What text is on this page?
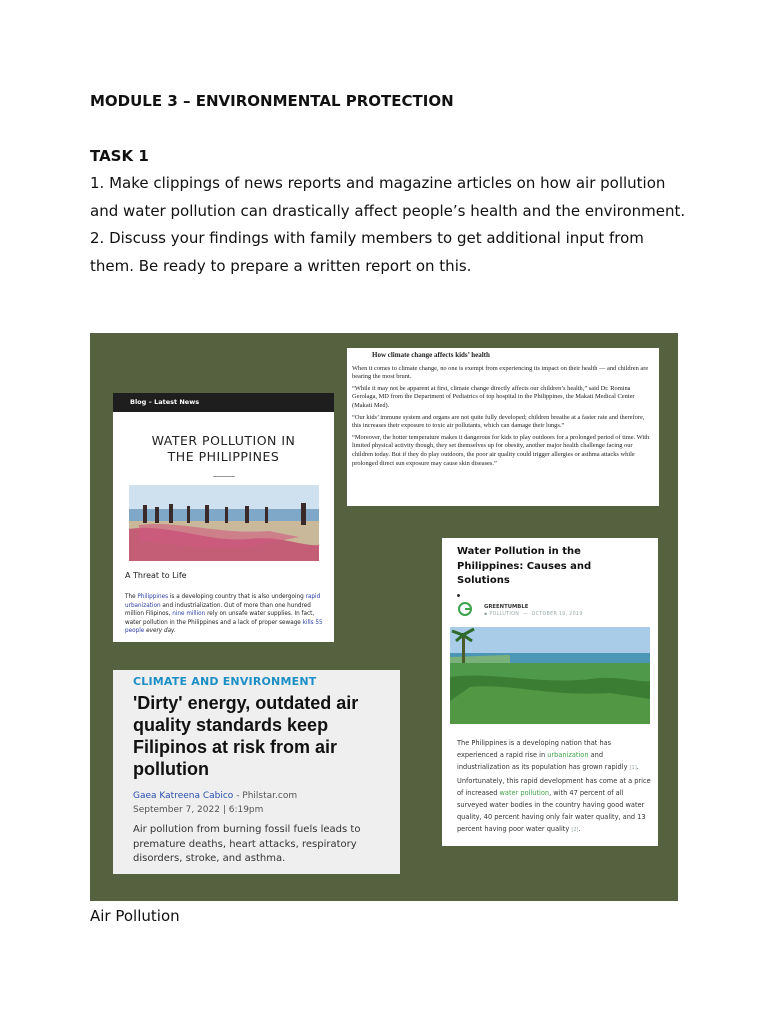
MODULE 3 – ENVIRONMENTAL PROTECTION
TASK 1
1. Make clippings of news reports and magazine articles on how air pollution and water pollution can drastically affect people’s health and the environment.
2. Discuss your findings with family members to get additional input from them. Be ready to prepare a written report on this.
How climate change affects kids’ health

When it comes to climate change, no one is exempt from experiencing its impact on their health — and children are bearing the most brunt.

“While it may not be apparent at first, climate change directly affects our children’s health,” said Dr. Romina Gerolaga, MD from the Department of Pediatrics of top hospital in the Philippines, the Makati Medical Center (Makati Med).

“Our kids’ immune system and organs are not quite fully developed; children breathe at a faster rate and therefore, this increases their exposure to toxic air pollutants, which can damage their lungs.”

“Moreover, the hotter temperature makes it dangerous for kids to play outdoors for a prolonged period of time. With limited physical activity though, they set themselves up for obesity, another major health challenge facing our children today. But if they do play outdoors, the poor air quality could trigger allergies or asthma attacks while prolonged direct sun exposure may cause skin diseases.”

Blog – Latest News
WATER POLLUTION IN
THE PHILIPPINES
A Threat to Life
The Philippines is a developing country that is also undergoing rapid urbanization and industrialization. Out of more than one hundred million Filipinos, nine million rely on unsafe water supplies. In fact, water pollution in the Philippines and a lack of proper sewage kills 55 people every day.
Water Pollution in the Philippines: Causes and Solutions
GREENTUMBLE
▪ POLLUTION  —  OCTOBER 19, 2019
The Philippines is a developing nation that has experienced a rapid rise in urbanization and industrialization as its population has grown rapidly [1]. Unfortunately, this rapid development has come at a price of increased water pollution, with 47 percent of all surveyed water bodies in the country having good water quality, 40 percent having only fair water quality, and 13 percent having poor water quality [2].
CLIMATE AND ENVIRONMENT
'Dirty' energy, outdated air quality standards keep Filipinos at risk from air pollution
Gaea Katreena Cabico - Philstar.com
September 7, 2022 | 6:19pm
Air pollution from burning fossil fuels leads to premature deaths, heart attacks, respiratory disorders, stroke, and asthma.
Air Pollution
